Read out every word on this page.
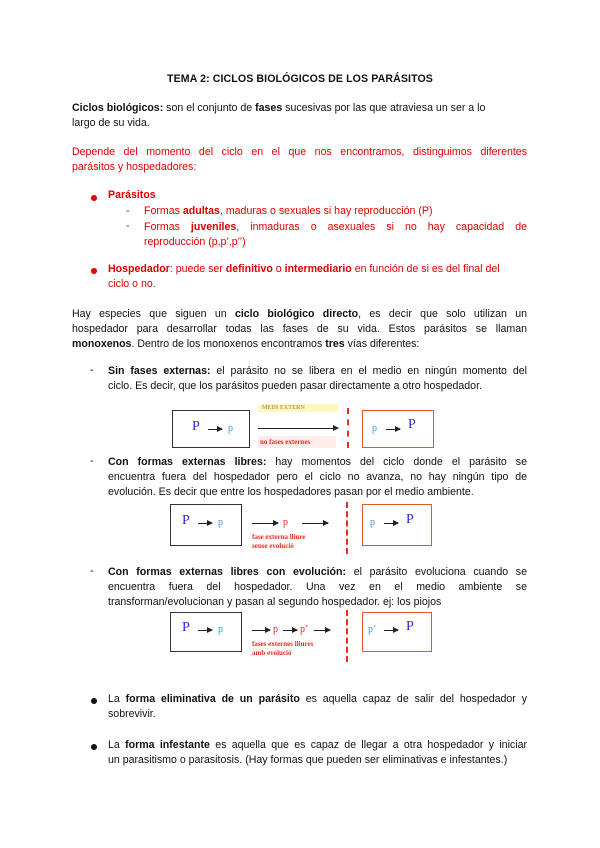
TEMA 2: CICLOS BIOLÓGICOS DE LOS PARÁSITOS

Ciclos biológicos: son el conjunto de fases sucesivas por las que atraviesa un ser a lo

largo de su vida.

Depende del momento del ciclo en el que nos encontramos, distinguimos diferentes

parásitos y hospedadores:

Parásitos
- Formas adultas, maduras o sexuales si hay reproducción (P)
- Formas juveniles, inmaduras o asexuales si no hay capacidad de

reproducción (p,p’,p’’)

Hospedador: puede ser definitivo o intermediario en función de si es del final del

ciclo o no.

Hay especies que siguen un ciclo biológico directo, es decir que solo utilizan un

hospedador para desarrollar todas las fases de su vida. Estos parásitos se llaman

monoxenos. Dentro de los monoxenos encontramos tres vías diferentes:

- Sin fases externas: el parásito no se libera en el medio en ningún momento del

ciclo. Es decir, que los parásitos pueden pasar directamente a otro hospedador.

P	p
MEDI EXTERN
no fases externes
p P
- Con formas externas libres: hay momentos del ciclo donde el parásito se

encuentra fuera del hospedador pero el ciclo no avanza, no hay ningún tipo de

evolución. Es decir que entre los hospedadores pasan por el medio ambiente.

P	p	p
fase externa lliure
sense evolució
p P
- Con formas externas libres con evolución: el parásito evoluciona cuando se

encuentra fuera del hospedador. Una vez en el medio ambiente se

transforman/evolucionan y pasan al segundo hospedador. ej: los piojos

P	p	p p’
fases externes lliures
amb evolució
p’ P

La forma eliminativa de un parásito es aquella capaz de salir del hospedador y

sobrevivir.

La forma infestante es aquella que es capaz de llegar a otra hospedador y iniciar

un parasitismo o parasitosis. (Hay formas que pueden ser eliminativas e infestantes.)
